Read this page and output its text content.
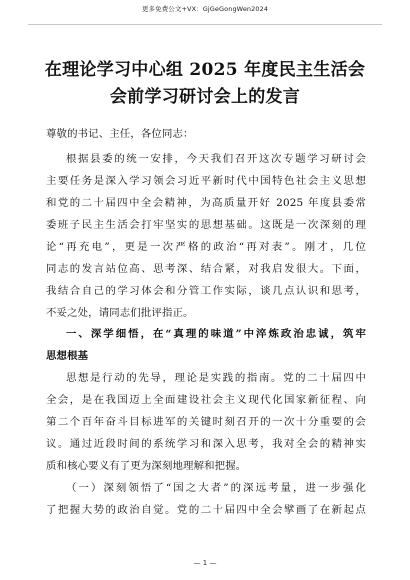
更多免费公文+VX：GjGeGongWen2024
在理论学习中心组 2025 年度民主生活会
会前学习研讨会上的发言
尊敬的书记、主任，各位同志：
根据县委的统一安排，今天我们召开这次专题学习研讨会
主要任务是深入学习领会习近平新时代中国特色社会主义思想
和党的二十届四中全会精神，为高质量开好 2025 年度县委常
委班子民主生活会打牢坚实的思想基础。这既是一次深刻的理
论“再充电”，更是一次严格的政治“再对表”。刚才，几位
同志的发言站位高、思考深、结合紧，对我启发很大。下面，
我结合自己的学习体会和分管工作实际，谈几点认识和思考，
不妥之处，请同志们批评指正。
一、深学细悟，在“真理的味道”中淬炼政治忠诚，筑牢
思想根基
思想是行动的先导，理论是实践的指南。党的二十届四中
全会，是在我国迈上全面建设社会主义现代化国家新征程、向
第二个百年奋斗目标进军的关键时刻召开的一次十分重要的会
议。通过近段时间的系统学习和深入思考，我对全会的精神实
质和核心要义有了更为深刻地理解和把握。
（一）深刻领悟了“国之大者”的深远考量，进一步强化
了把握大势的政治自觉。党的二十届四中全会擘画了在新起点
— 1 —
